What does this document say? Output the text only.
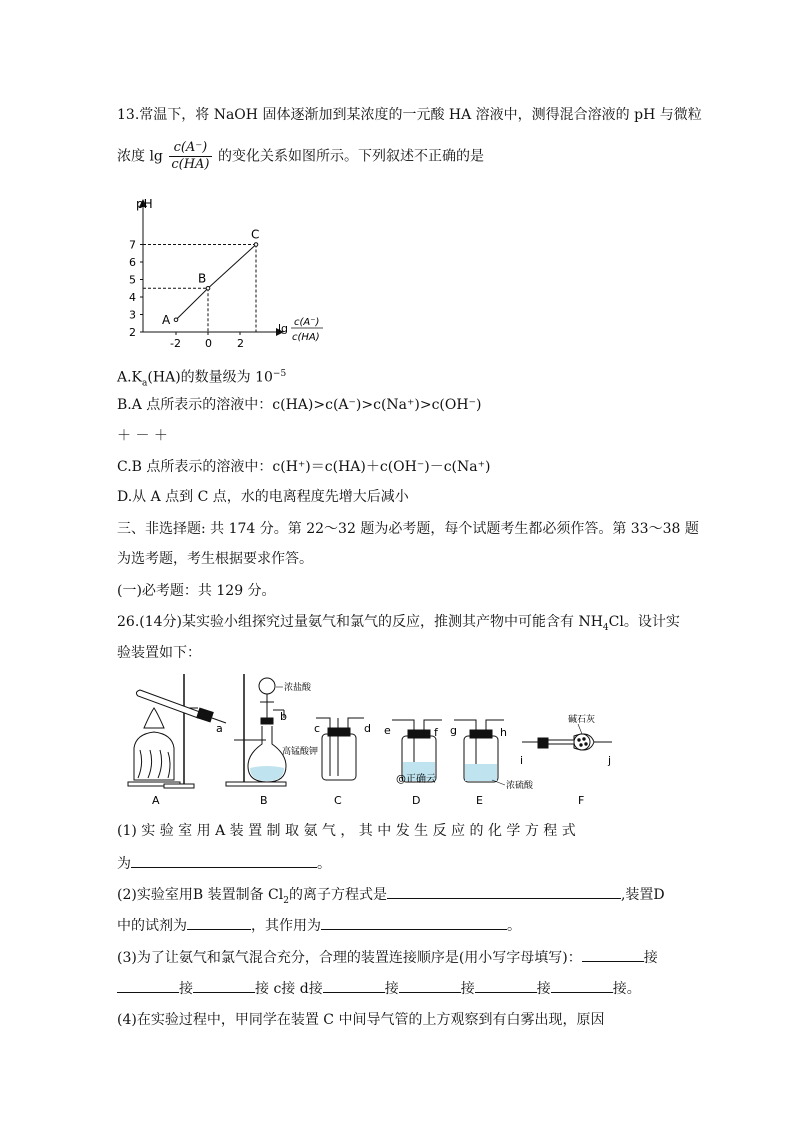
13.常温下，将 NaOH 固体逐渐加到某浓度的一元酸 HA 溶液中，测得混合溶液的 pH 与微粒
浓度 $\lg \frac{c(A^-)}{c(HA)}$ 的变化关系如图所示。下列叙述不正确的是
pH
lg c(A⁻)
c(HA)
2
3
4
5
6
7
-2 0 2
A
B
C
$A.K_a(HA)$的数量级为 $10^{-5}$
B.A 点所表示的溶液中：c(HA)>c(A⁻)>c(Na⁺)>c(OH⁻)
＋ － ＋
C.B 点所表示的溶液中：c(H⁺)＝c(HA)＋c(OH⁻)－c(Na⁺)
D.从 A 点到 C 点，水的电离程度先增大后减小
三、非选择题: 共 174 分。第 22～32 题为必考题，每个试题考生都必须作答。第 33～38 题
为选考题，考生根据要求作答。
(一)必考题：共 129 分。
26.(14分)某实验小组探究过量氨气和氯气的反应，推测其产物中可能含有 $NH_4Cl$。设计实
验装置如下：
a
A
浓盐酸
b
高锰酸钾
B
c	d
C
e	f
@正确云
D
g	h
浓硫酸
E
碱石灰
i	j
F
(1) 实 验 室 用 A 装 置 制 取 氨 气 ， 其 中 发 生 反 应 的 化 学 方 程 式
为	。
(2)实验室用B 装置制备 $Cl_2$的离子方程式是	,装置D
中的试剂为	，其作用为	。
(3)为了让氨气和氯气混合充分，合理的装置连接顺序是(用小写字母填写)：	接
接	接 c接 d接	接	接	接	接。
(4)在实验过程中，甲同学在装置 C 中间导气管的上方观察到有白雾出现，原因
